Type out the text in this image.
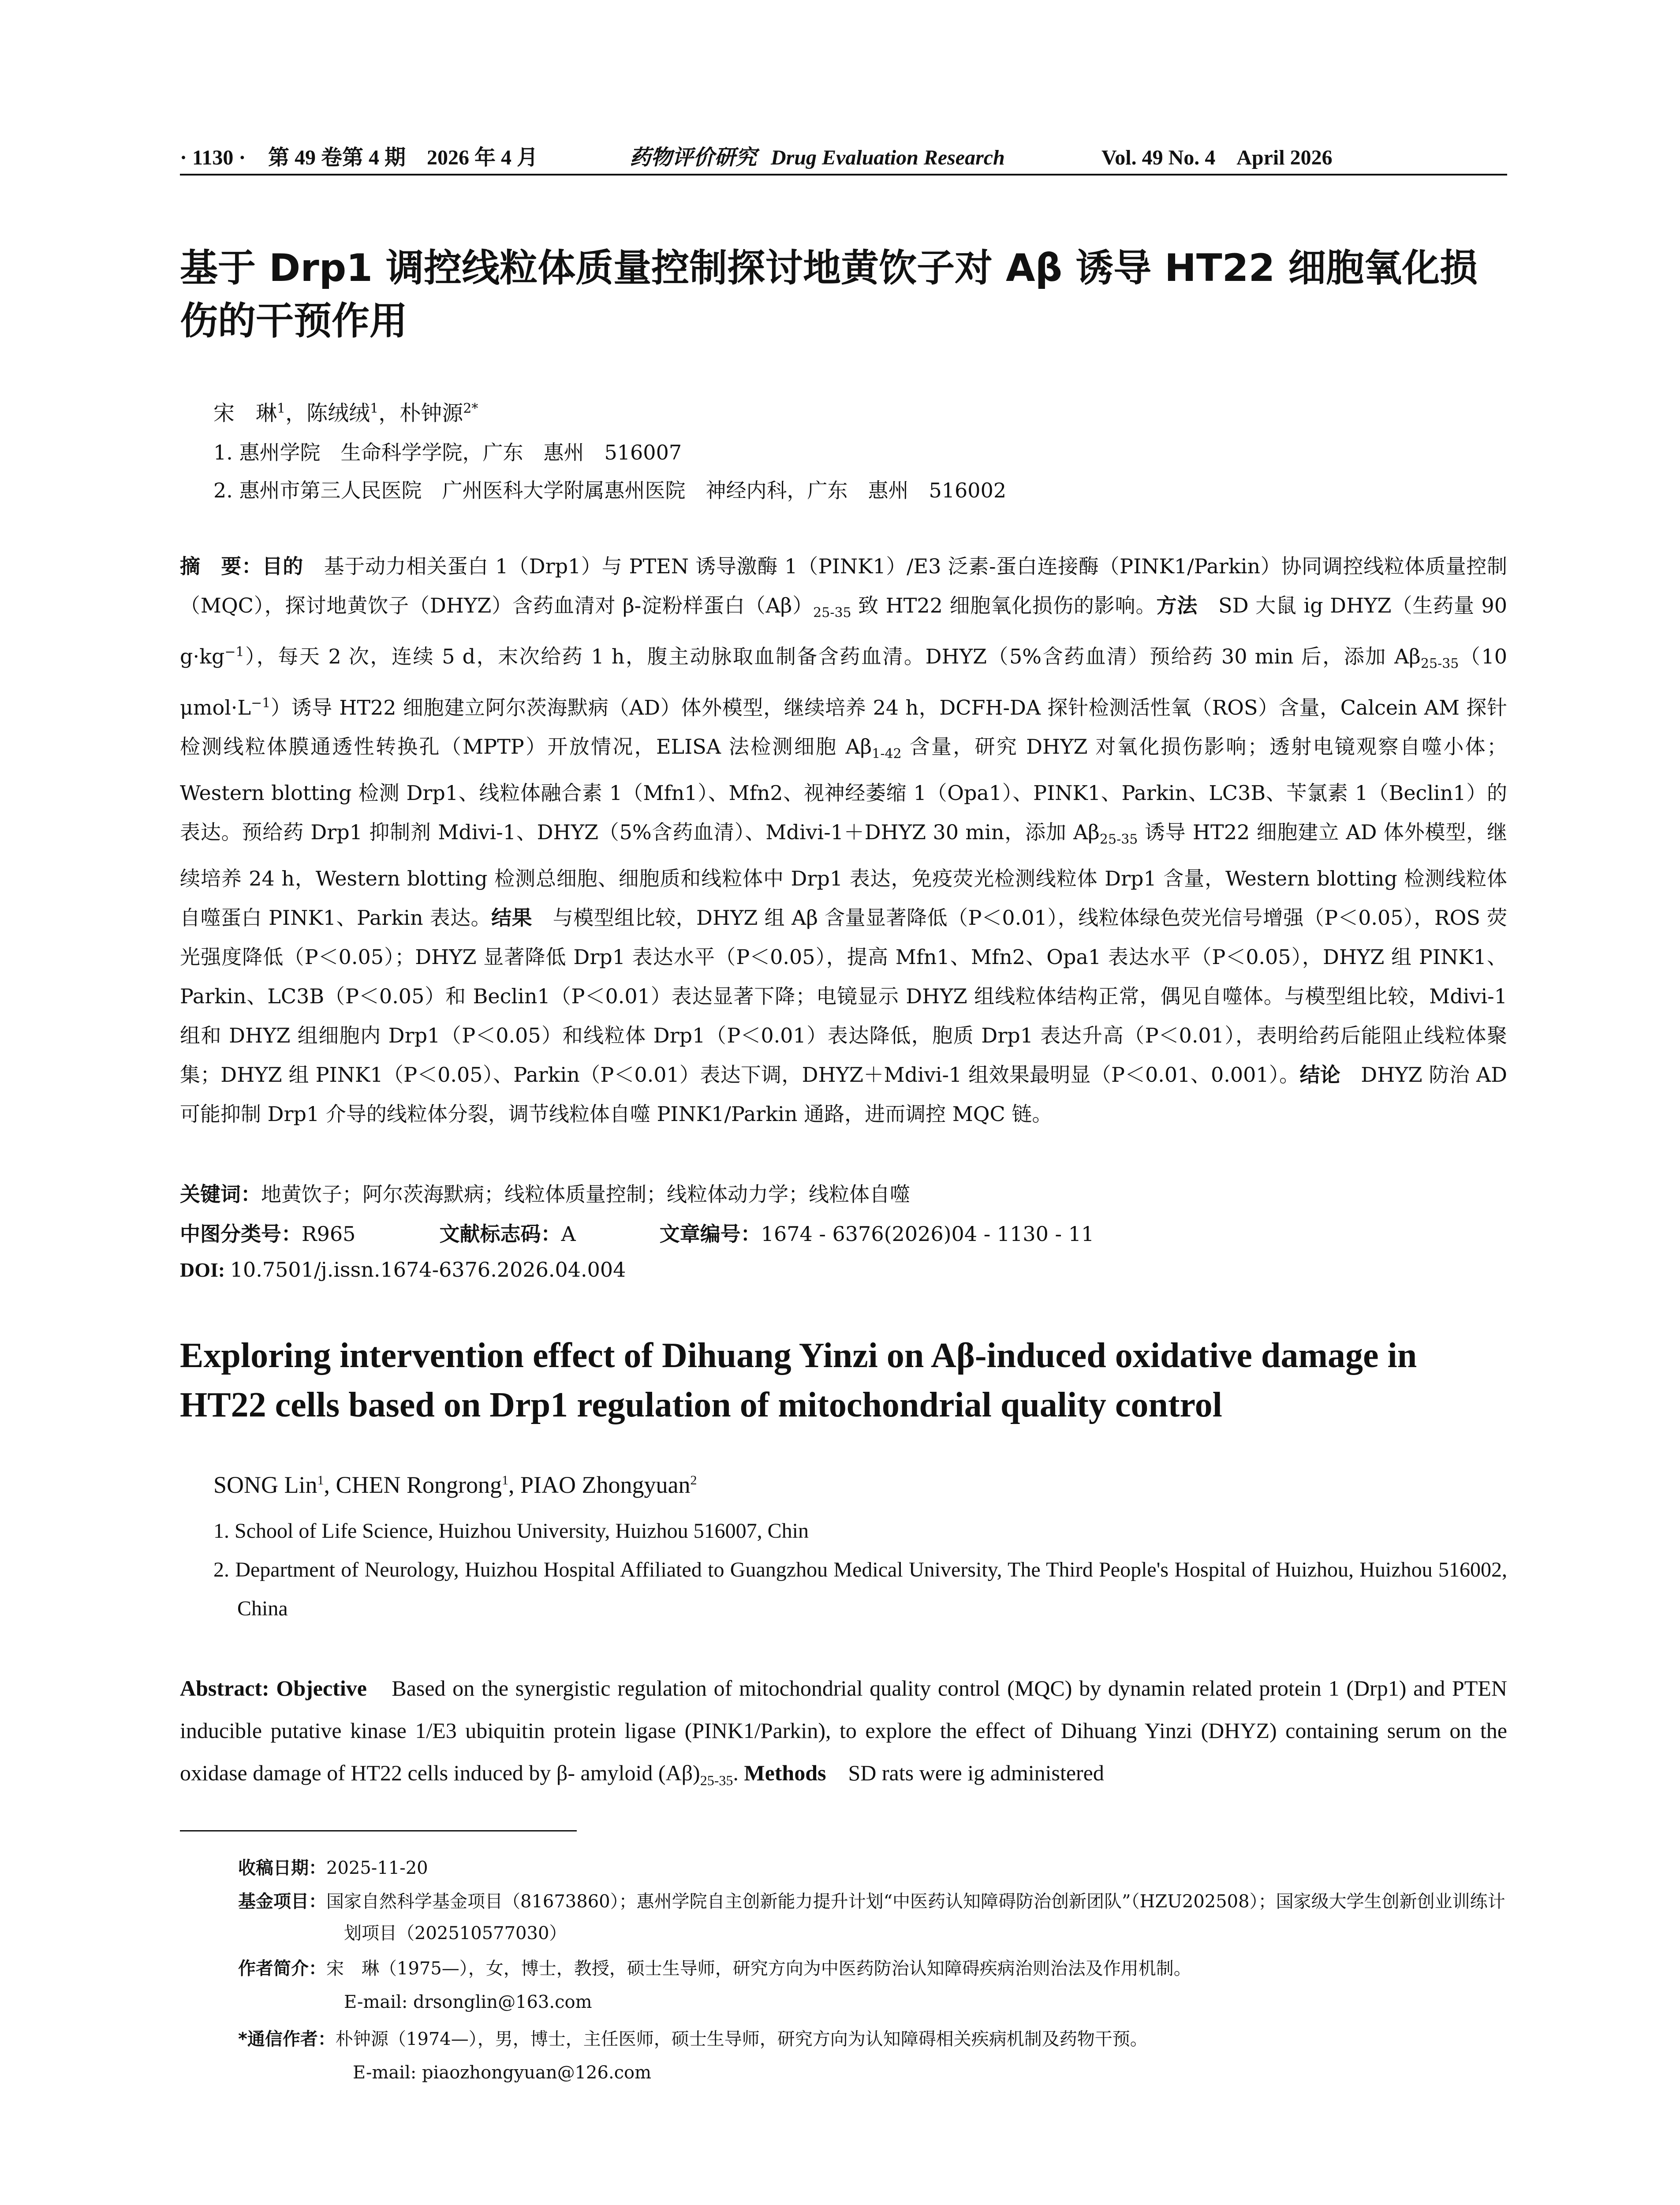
· 1130 ·	第 49 卷第 4 期　2026 年 4 月	药物评价研究 Drug Evaluation Research	Vol. 49 No. 4　April 2026
基于 Drp1 调控线粒体质量控制探讨地黄饮子对 Aβ 诱导 HT22 细胞氧化损伤的干预作用
宋　琳$^1$，陈绒绒$^1$，朴钟源$^{2*}$
1. 惠州学院　生命科学学院，广东　惠州　516007
2. 惠州市第三人民医院　广州医科大学附属惠州医院　神经内科，广东　惠州　516002
摘　要：目的　基于动力相关蛋白 1（Drp1）与 PTEN 诱导激酶 1（PINK1）/E3 泛素-蛋白连接酶（PINK1/Parkin）协同调控线粒体质量控制（MQC），探讨地黄饮子（DHYZ）含药血清对 β-淀粉样蛋白$(A\beta)_{25-35}$ 致 HT22 细胞氧化损伤的影响。方法　SD 大鼠 ig DHYZ（生药量 90 $g\cdot kg^{-1}$），每天 2 次，连续 5 d，末次给药 1 h，腹主动脉取血制备含药血清。DHYZ（5%含药血清）预给药 30 min 后，添加 $A\beta_{25-35}(10$ $\mu mol\cdot L^{-1}$）诱导 HT22 细胞建立阿尔茨海默病（AD）体外模型，继续培养 24 h，DCFH-DA 探针检测活性氧（ROS）含量，Calcein AM 探针检测线粒体膜通透性转换孔（MPTP）开放情况，ELISA 法检测细胞 $A\beta_{1-42}$ 含量，研究 DHYZ 对氧化损伤影响；透射电镜观察自噬小体；Western blotting 检测 Drp1、线粒体融合素 1（Mfn1）、Mfn2、视神经萎缩 1（Opa1）、PINK1、Parkin、LC3B、苄氯素 1（Beclin1）的表达。预给药 Drp1 抑制剂 Mdivi-1、DHYZ（5%含药血清）、Mdivi-1＋DHYZ 30 min，添加 $A\beta_{25-35}$ 诱导 HT22 细胞建立 AD 体外模型，继续培养 24 h，Western blotting 检测总细胞、细胞质和线粒体中 Drp1 表达，免疫荧光检测线粒体 Drp1 含量，Western blotting 检测线粒体自噬蛋白 PINK1、Parkin 表达。结果　与模型组比较，DHYZ 组 Aβ 含量显著降低（P＜0.01），线粒体绿色荧光信号增强（P＜0.05），ROS 荧光强度降低（P＜0.05）；DHYZ 显著降低 Drp1 表达水平（P＜0.05），提高 Mfn1、Mfn2、Opa1 表达水平（P＜0.05），DHYZ 组 PINK1、Parkin、LC3B（P＜0.05）和 Beclin1（P＜0.01）表达显著下降；电镜显示 DHYZ 组线粒体结构正常，偶见自噬体。与模型组比较，Mdivi-1 组和 DHYZ 组细胞内 Drp1（P＜0.05）和线粒体 Drp1（P＜0.01）表达降低，胞质 Drp1 表达升高（P＜0.01），表明给药后能阻止线粒体聚集；DHYZ 组 PINK1（P＜0.05）、Parkin（P＜0.01）表达下调，DHYZ＋Mdivi-1 组效果最明显（P＜0.01、0.001）。结论　DHYZ 防治 AD 可能抑制 Drp1 介导的线粒体分裂，调节线粒体自噬 PINK1/Parkin 通路，进而调控 MQC 链。
关键词：地黄饮子；阿尔茨海默病；线粒体质量控制；线粒体动力学；线粒体自噬
中图分类号：R965	文献标志码：A	文章编号：1674 - 6376(2026)04 - 1130 - 11
DOI: 10.7501/j.issn.1674-6376.2026.04.004
Exploring intervention effect of Dihuang Yinzi on Aβ-induced oxidative damage in HT22 cells based on Drp1 regulation of mitochondrial quality control
SONG Lin$^1$, CHEN Rongrong$^1$, PIAO Zhongyuan$^2$
1. School of Life Science, Huizhou University, Huizhou 516007, Chin
2. Department of Neurology, Huizhou Hospital Affiliated to Guangzhou Medical University, The Third People's Hospital of Huizhou, Huizhou 516002, China
Abstract: Objective　Based on the synergistic regulation of mitochondrial quality control (MQC) by dynamin related protein 1 (Drp1) and PTEN inducible putative kinase 1/E3 ubiquitin protein ligase (PINK1/Parkin), to explore the effect of Dihuang Yinzi (DHYZ) containing serum on the oxidase damage of HT22 cells induced by β- amyloid $(A\beta)_{25-35}$. Methods　SD rats were ig administered
收稿日期：2025-11-20
基金项目：国家自然科学基金项目（81673860）；惠州学院自主创新能力提升计划“中医药认知障碍防治创新团队”（HZU202508）；国家级大学生创新创业训练计划项目（202510577030）
作者简介：宋　琳（1975—），女，博士，教授，硕士生导师，研究方向为中医药防治认知障碍疾病治则治法及作用机制。
E-mail: drsonglin@163.com
*通信作者：朴钟源（1974—），男，博士，主任医师，硕士生导师，研究方向为认知障碍相关疾病机制及药物干预。
E-mail: piaozhongyuan@126.com
